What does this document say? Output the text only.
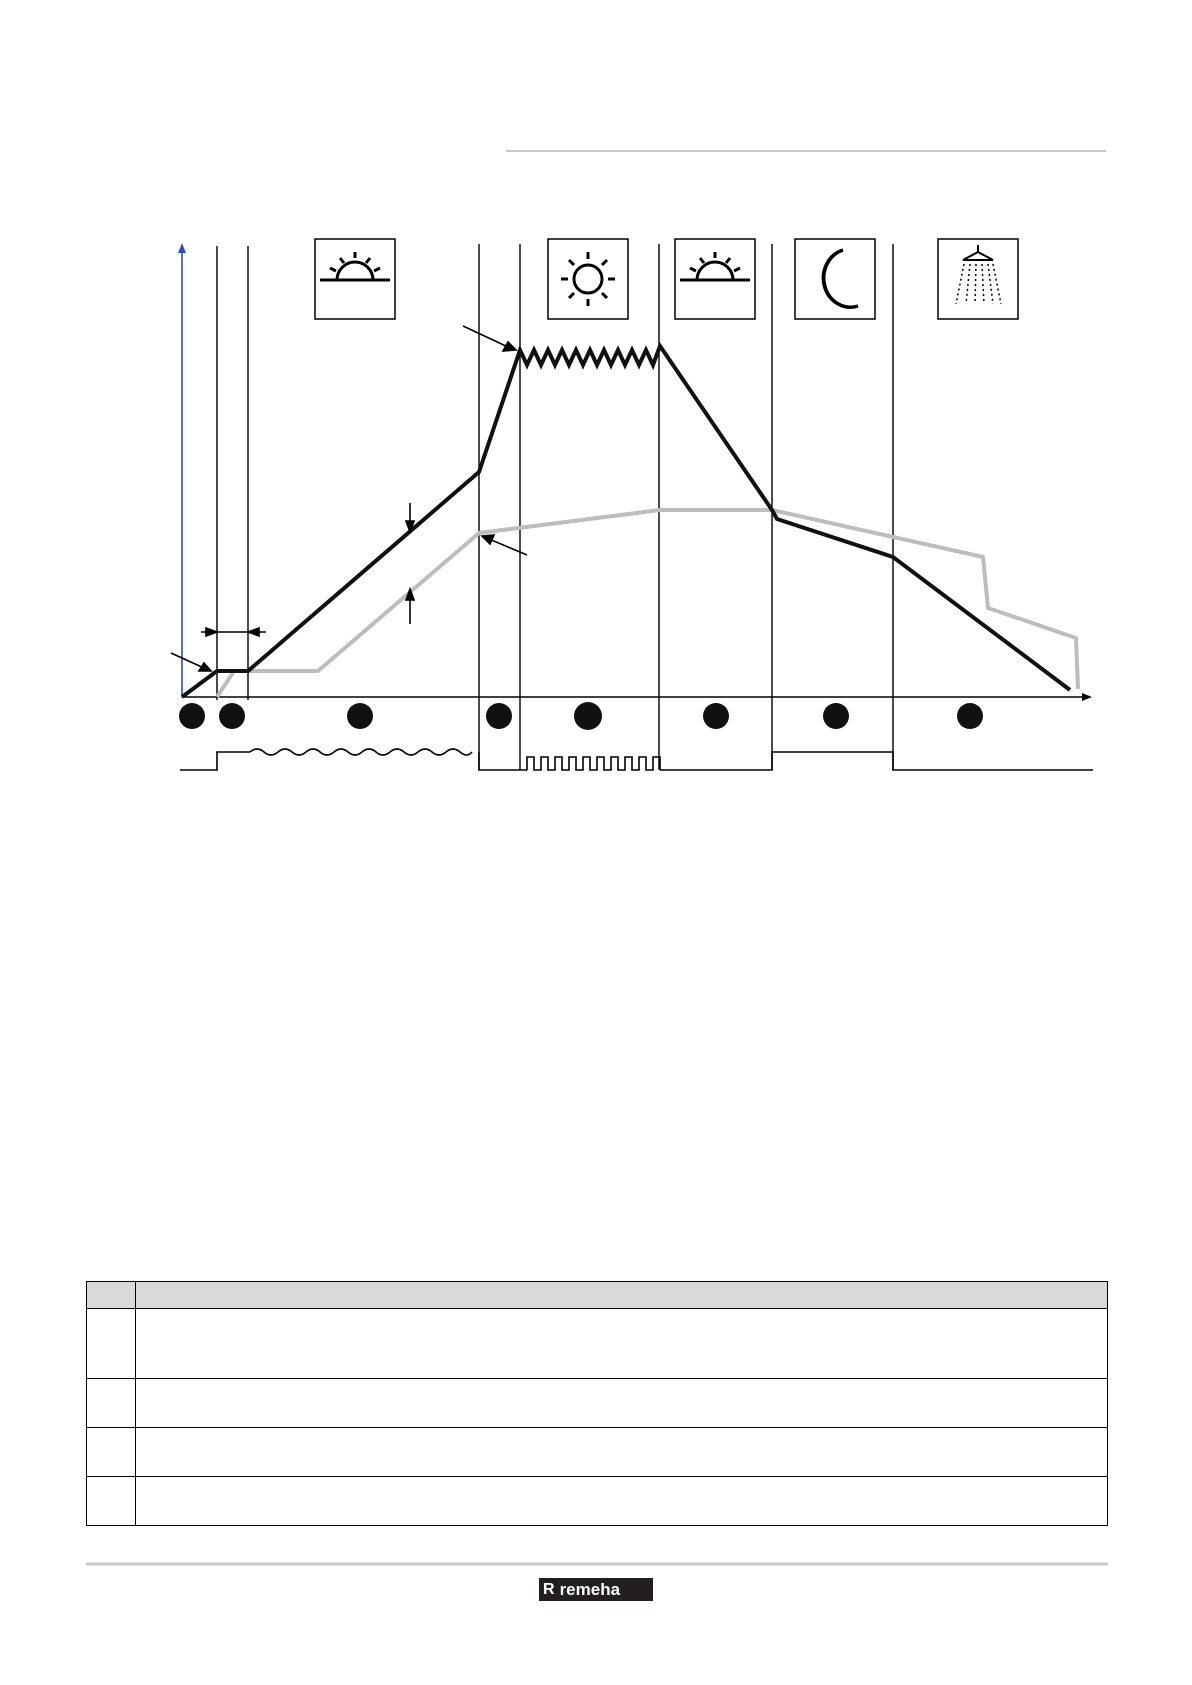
R remeha
